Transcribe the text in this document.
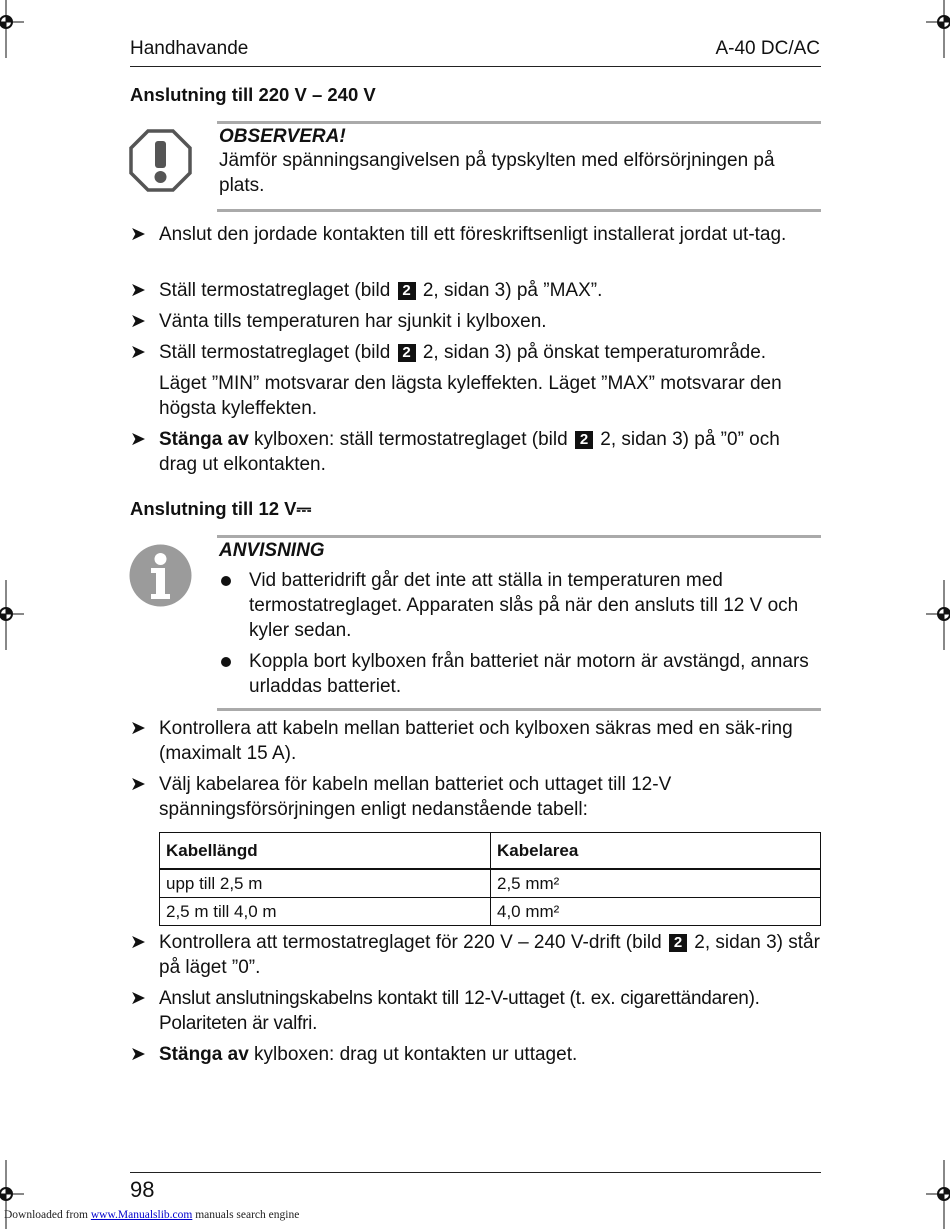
Handhavande	A-40 DC/AC
Anslutning till 220 V – 240 V
OBSERVERA!
Jämför spänningsangivelsen på typskylten med elförsörjningen på plats.
➤ Anslut den jordade kontakten till ett föreskriftsenligt installerat jordat ut-tag.
➤ Ställ termostatreglaget (bild 2 2, sidan 3) på ”MAX”.
➤ Vänta tills temperaturen har sjunkit i kylboxen.
➤ Ställ termostatreglaget (bild 2 2, sidan 3) på önskat temperaturområde.
Läget ”MIN” motsvarar den lägsta kyleffekten. Läget ”MAX” motsvarar den högsta kyleffekten.
➤ Stänga av kylboxen: ställ termostatreglaget (bild 2 2, sidan 3) på ”0” och drag ut elkontakten.
Anslutning till 12 V⎓
ANVISNING
Vid batteridrift går det inte att ställa in temperaturen med termostatreglaget. Apparaten slås på när den ansluts till 12 V och kyler sedan.
Koppla bort kylboxen från batteriet när motorn är avstängd, annars urladdas batteriet.
➤ Kontrollera att kabeln mellan batteriet och kylboxen säkras med en säk-ring (maximalt 15 A).
➤ Välj kabelarea för kabeln mellan batteriet och uttaget till 12-V spänningsförsörjningen enligt nedanstående tabell:
Kabellängd	Kabelarea
upp till 2,5 m	2,5 mm²
2,5 m till 4,0 m	4,0 mm²
➤ Kontrollera att termostatreglaget för 220 V – 240 V-drift (bild 2 2, sidan 3) står på läget ”0”.
➤ Anslut anslutningskabelns kontakt till 12-V-uttaget (t. ex. cigarettändaren). Polariteten är valfri.
➤ Stänga av kylboxen: drag ut kontakten ur uttaget.
98
Downloaded from www.Manualslib.com manuals search engine
